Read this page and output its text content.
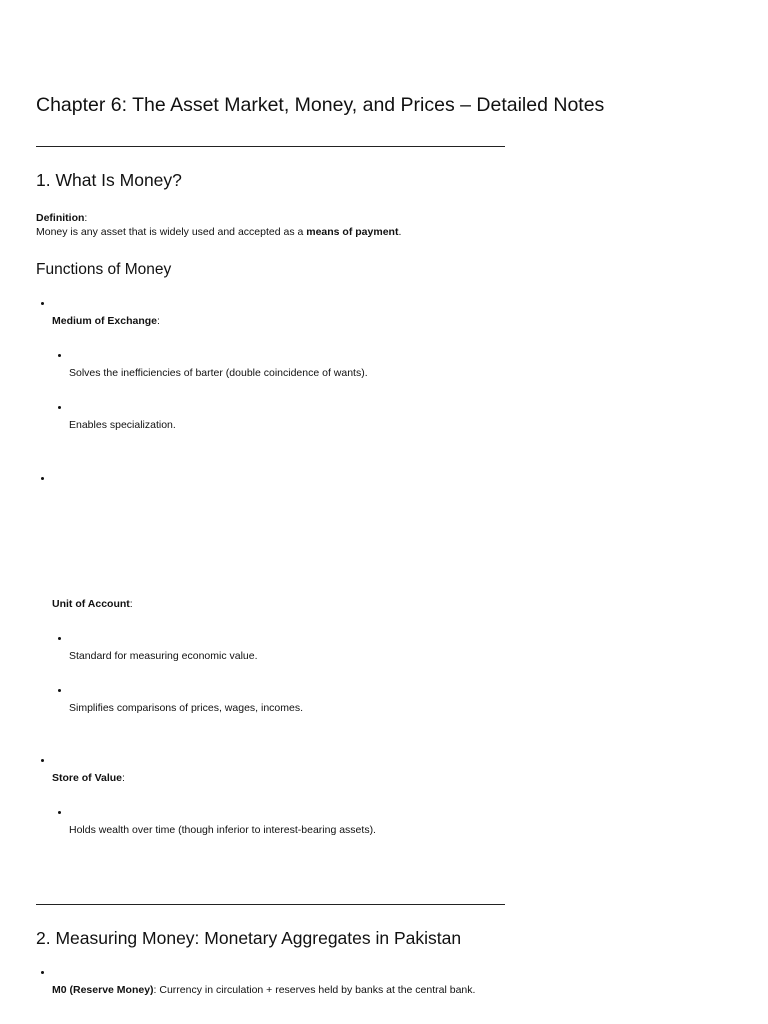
Chapter 6: The Asset Market, Money, and Prices – Detailed Notes
1. What Is Money?

Definition:

Money is any asset that is widely used and accepted as a means of payment.

Functions of Money

Medium of Exchange:

Solves the inefficiencies of barter (double coincidence of wants).

Enables specialization.

Unit of Account:

Standard for measuring economic value.

Simplifies comparisons of prices, wages, incomes.

Store of Value:

Holds wealth over time (though inferior to interest-bearing assets).

2. Measuring Money: Monetary Aggregates in Pakistan

M0 (Reserve Money): Currency in circulation + reserves held by banks at the central bank.
